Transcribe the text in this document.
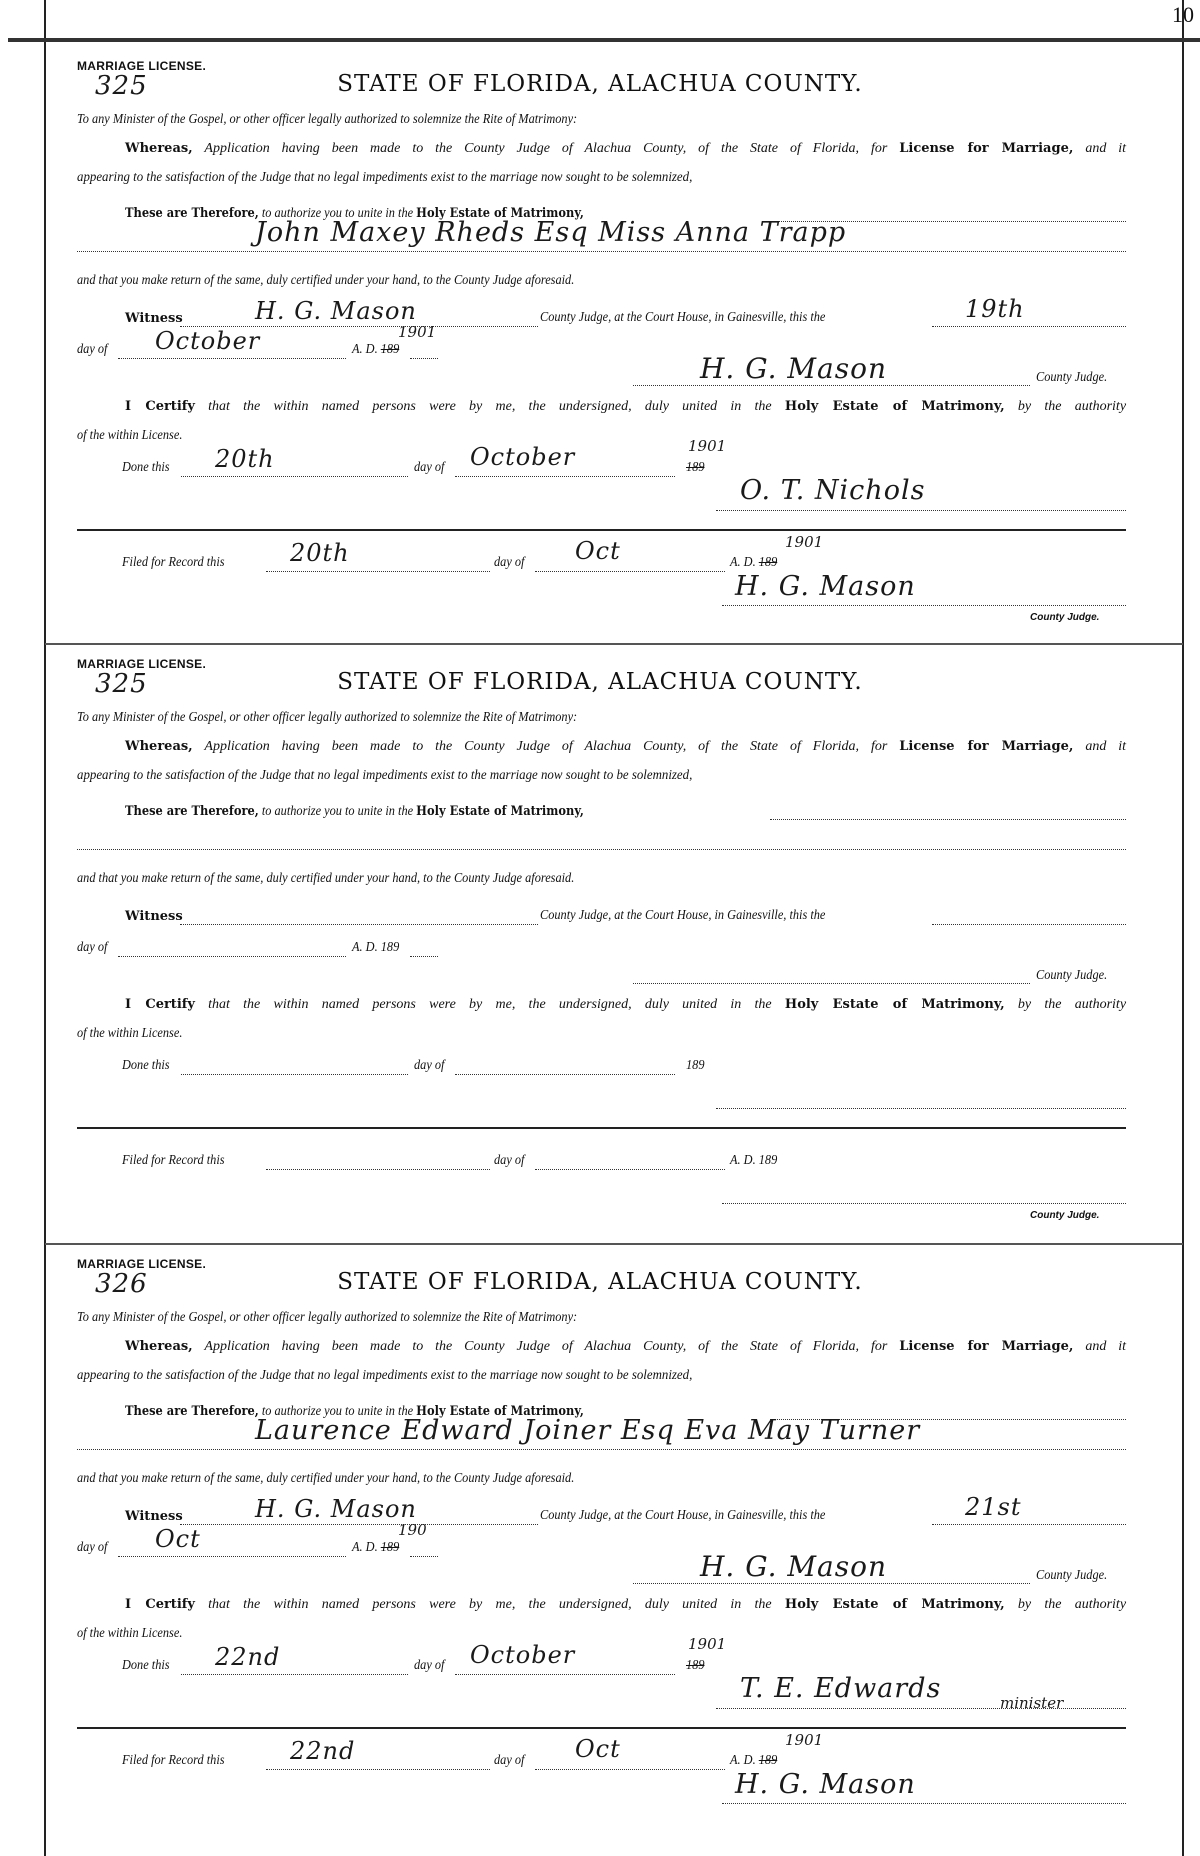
10
MARRIAGE LICENSE.
325	STATE OF FLORIDA, ALACHUA COUNTY.
To any Minister of the Gospel, or other officer legally authorized to solemnize the Rite of Matrimony:
Whereas, Application having been made to the County Judge of Alachua County, of the State of Florida, for License for Marriage, and it
appearing to the satisfaction of the Judge that no legal impediments exist to the marriage now sought to be solemnized,
These are Therefore, to authorize you to unite in the Holy Estate of Matrimony,
John Maxey Rheds Esq Miss Anna Trapp
and that you make return of the same, duly certified under your hand, to the County Judge aforesaid.
Witness	H. G. Mason	County Judge, at the Court House, in Gainesville, this the	19th
day of October	A. D. 189
1901
H. G. Mason	County Judge.
I Certify that the within named persons were by me, the undersigned, duly united in the Holy Estate of Matrimony, by the authority
of the within License.
Done this 20th	day of October	189
1901
O. T. Nichols
Filed for Record this	20th	day of Oct	A. D. 189
1901
H. G. Mason
County Judge.
MARRIAGE LICENSE.
325	STATE OF FLORIDA, ALACHUA COUNTY.
To any Minister of the Gospel, or other officer legally authorized to solemnize the Rite of Matrimony:
Whereas, Application having been made to the County Judge of Alachua County, of the State of Florida, for License for Marriage, and it
appearing to the satisfaction of the Judge that no legal impediments exist to the marriage now sought to be solemnized,
These are Therefore, to authorize you to unite in the Holy Estate of Matrimony,
and that you make return of the same, duly certified under your hand, to the County Judge aforesaid.
Witness	County Judge, at the Court House, in Gainesville, this the
day of	A. D. 189
County Judge.
I Certify that the within named persons were by me, the undersigned, duly united in the Holy Estate of Matrimony, by the authority
of the within License.
Done this	day of	189
Filed for Record this	day of	A. D. 189
County Judge.
MARRIAGE LICENSE.
326	STATE OF FLORIDA, ALACHUA COUNTY.
To any Minister of the Gospel, or other officer legally authorized to solemnize the Rite of Matrimony:
Whereas, Application having been made to the County Judge of Alachua County, of the State of Florida, for License for Marriage, and it
appearing to the satisfaction of the Judge that no legal impediments exist to the marriage now sought to be solemnized,
These are Therefore, to authorize you to unite in the Holy Estate of Matrimony,
Laurence Edward Joiner Esq Eva May Turner
and that you make return of the same, duly certified under your hand, to the County Judge aforesaid.
Witness	H. G. Mason	County Judge, at the Court House, in Gainesville, this the	21st
day of Oct	A. D. 189
190
H. G. Mason	County Judge.
I Certify that the within named persons were by me, the undersigned, duly united in the Holy Estate of Matrimony, by the authority
of the within License.
Done this 22nd	day of October	189
1901
T. E. Edwards	minister
Filed for Record this	22nd	day of Oct	A. D. 189
1901
H. G. Mason
